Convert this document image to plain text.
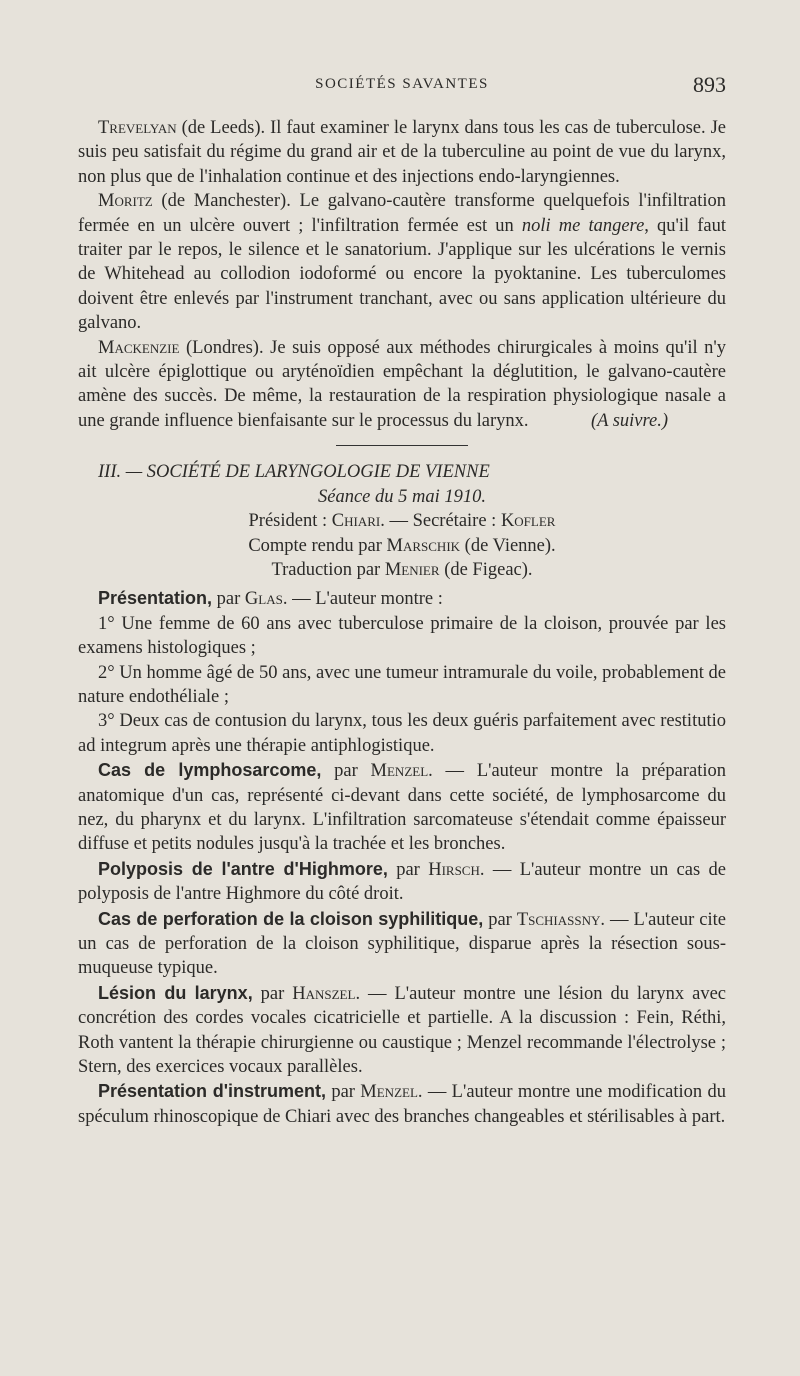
SOCIÉTÉS SAVANTES	893

Trevelyan (de Leeds). Il faut examiner le larynx dans tous les cas de tuberculose. Je suis peu satisfait du régime du grand air et de la tuberculine au point de vue du larynx, non plus que de l'inhalation continue et des injections endo-laryngiennes.

Moritz (de Manchester). Le galvano-cautère transforme quelquefois l'infiltration fermée en un ulcère ouvert ; l'infiltration fermée est un noli me tangere, qu'il faut traiter par le repos, le silence et le sanatorium. J'applique sur les ulcérations le vernis de Whitehead au collodion iodoformé ou encore la pyoktanine. Les tuberculomes doivent être enlevés par l'instrument tranchant, avec ou sans application ultérieure du galvano.

Mackenzie (Londres). Je suis opposé aux méthodes chirurgicales à moins qu'il n'y ait ulcère épiglottique ou aryténoïdien empêchant la déglutition, le galvano-cautère amène des succès. De même, la restauration de la respiration physiologique nasale a une grande influence bienfaisante sur le processus du larynx.	(A suivre.)

III. — SOCIÉTÉ DE LARYNGOLOGIE DE VIENNE

Séance du 5 mai 1910.

Président : Chiari. — Secrétaire : Kofler

Compte rendu par Marschik (de Vienne).

Traduction par Menier (de Figeac).

Présentation, par Glas. — L'auteur montre :

1° Une femme de 60 ans avec tuberculose primaire de la cloison, prouvée par les examens histologiques ;

2° Un homme âgé de 50 ans, avec une tumeur intramurale du voile, probablement de nature endothéliale ;

3° Deux cas de contusion du larynx, tous les deux guéris parfaitement avec restitutio ad integrum après une thérapie antiphlogistique.

Cas de lymphosarcome, par Menzel. — L'auteur montre la préparation anatomique d'un cas, représenté ci-devant dans cette société, de lymphosarcome du nez, du pharynx et du larynx. L'infiltration sarcomateuse s'étendait comme épaisseur diffuse et petits nodules jusqu'à la trachée et les bronches.

Polyposis de l'antre d'Highmore, par Hirsch. — L'auteur montre un cas de polyposis de l'antre Highmore du côté droit.

Cas de perforation de la cloison syphilitique, par Tschiassny. — L'auteur cite un cas de perforation de la cloison syphilitique, disparue après la résection sous-muqueuse typique.

Lésion du larynx, par Hanszel. — L'auteur montre une lésion du larynx avec concrétion des cordes vocales cicatricielle et partielle. A la discussion : Fein, Réthi, Roth vantent la thérapie chirurgienne ou caustique ; Menzel recommande l'électrolyse ; Stern, des exercices vocaux parallèles.

Présentation d'instrument, par Menzel. — L'auteur montre une modification du spéculum rhinoscopique de Chiari avec des branches changeables et stérilisables à part.
